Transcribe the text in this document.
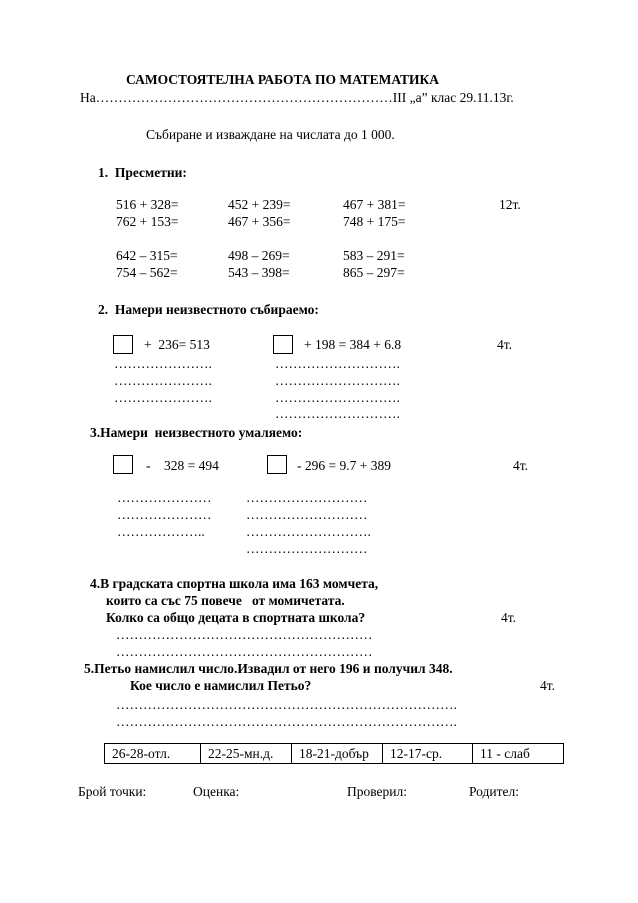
САМОСТОЯТЕЛНА РАБОТА ПО МАТЕМАТИКА
На…………………………………………………………III „а” клас 29.11.13г.
Събиране и изваждане на числата до 1 000.
1.  Пресметни:
516 + 328=	452 + 239=	467 + 381=	12т.
762 + 153=	467 + 356=	748 + 175=
642 – 315=	498 – 269=	583 – 291=
754 – 562=	543 – 398=	865 – 297=
2.  Намери неизвестното събираемо:
+  236= 513	+ 198 = 384 + 6.8	4т.
………………….
………………….
………………….
……………………….
……………………….
……………………….
……………………….
3.Намери  неизвестното умаляемо:
-    328 = 494	- 296 = 9.7 + 389	4т.
…………………
…………………
………………..
………………………
………………………
……………………….
………………………
4.В градската спортна школа има 163 момчета,
които са със 75 повече   от момичетата.
Колко са общо децата в спортната школа?	4т.
…………………………………………………
…………………………………………………
5.Петьо намислил число.Извадил от него 196 и получил 348.
Кое число е намислил Петьо?	4т.
………………………………………………………………….
………………………………………………………………….
26-28-отл.	22-25-мн.д.	18-21-добър	12-17-ср.	11 - слаб
Брой точки:	Оценка:	Проверил:	Родител:
